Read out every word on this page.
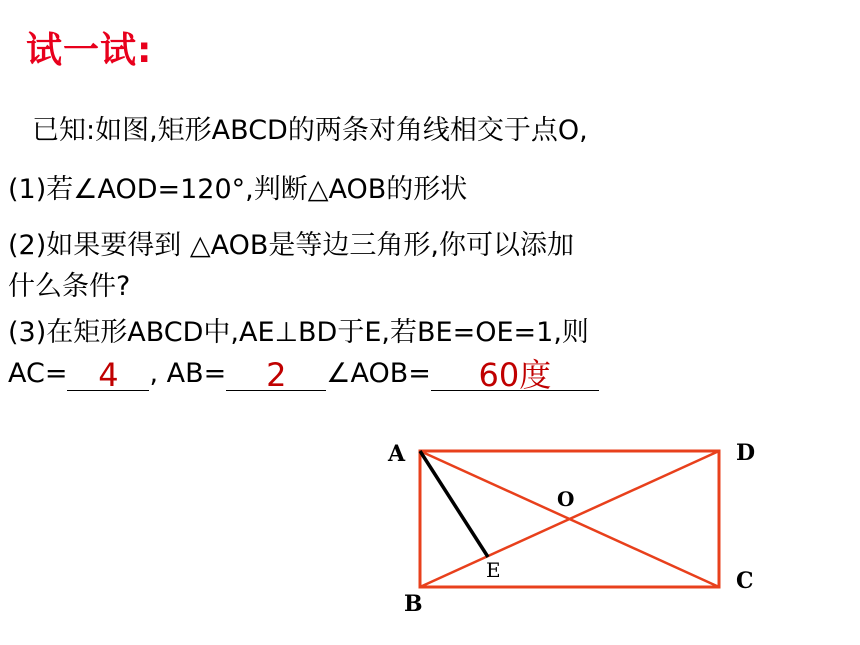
试一试:
已知:如图,矩形ABCD的两条对角线相交于点O,
(1)若∠AOD=120°,判断△AOB的形状
(2)如果要得到 △AOB是等边三角形,你可以添加
什么条件?
(3)在矩形ABCD中,AE⊥BD于E,若BE=OE=1,则
AC= 4	, AB=	2	∠AOB=	60度
A	D
B
C
O
E
